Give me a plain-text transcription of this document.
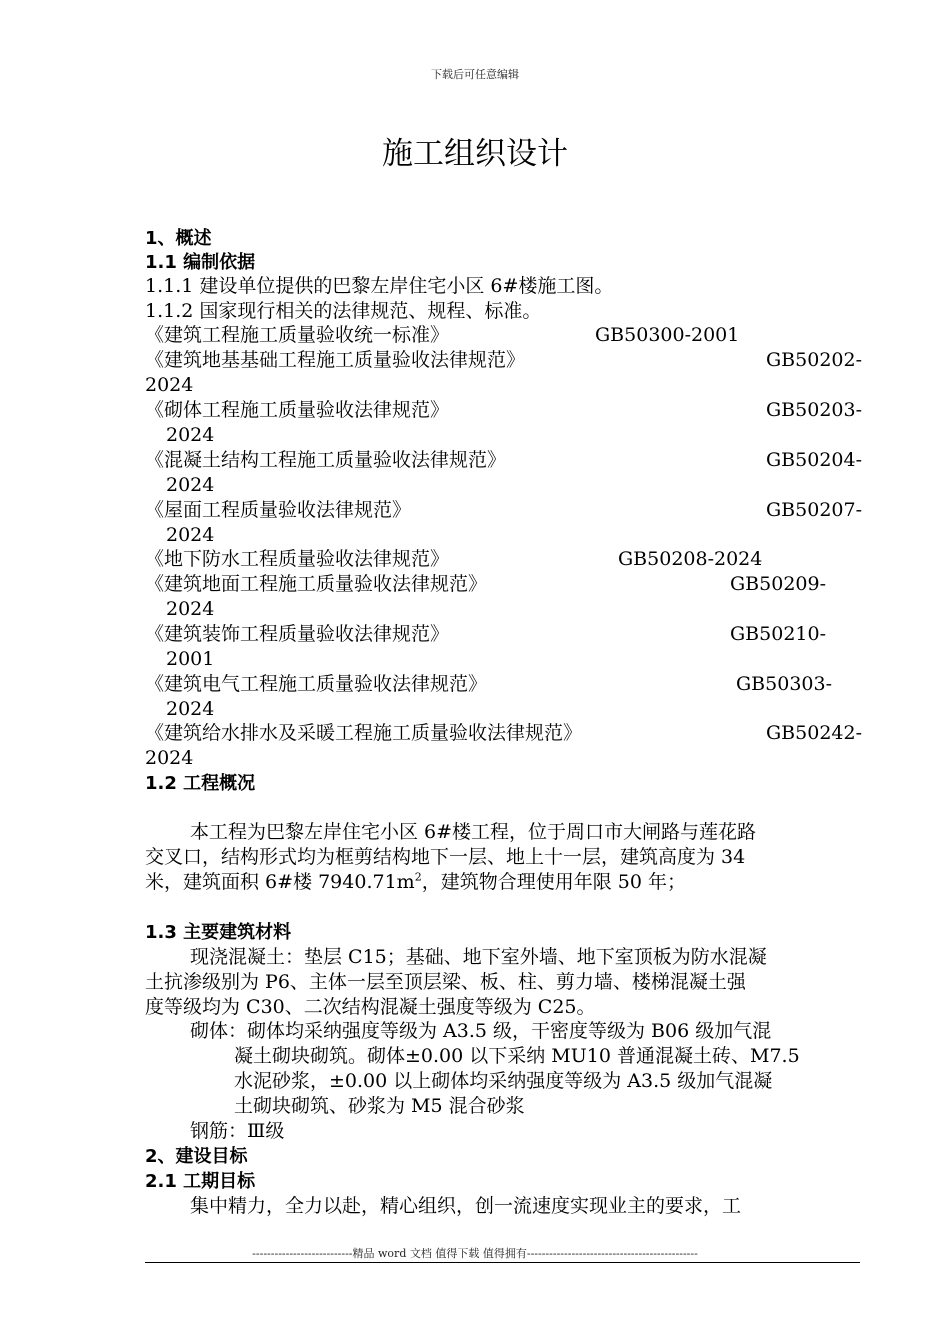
下载后可任意编辑
施工组织设计
1、概述
1.1 编制依据
1.1.1 建设单位提供的巴黎左岸住宅小区 6#楼施工图。
1.1.2 国家现行相关的法律规范、规程、标准。
《建筑工程施工质量验收统一标准》	GB50300-2001
《建筑地基基础工程施工质量验收法律规范》	GB50202-
2024
《砌体工程施工质量验收法律规范》	GB50203-
2024
《混凝土结构工程施工质量验收法律规范》	GB50204-
2024
《屋面工程质量验收法律规范》	GB50207-
2024
《地下防水工程质量验收法律规范》	GB50208-2024
《建筑地面工程施工质量验收法律规范》	GB50209-
2024
《建筑装饰工程质量验收法律规范》	GB50210-
2001
《建筑电气工程施工质量验收法律规范》	GB50303-
2024
《建筑给水排水及采暖工程施工质量验收法律规范》	GB50242-
2024
1.2 工程概况
本工程为巴黎左岸住宅小区 6#楼工程，位于周口市大闸路与莲花路
交叉口，结构形式均为框剪结构地下一层、地上十一层，建筑高度为 34
米，建筑面积 6#楼 $7940.71m^2$，建筑物合理使用年限 50 年；
1.3 主要建筑材料
现浇混凝土：垫层 C15；基础、地下室外墙、地下室顶板为防水混凝
土抗渗级别为 P6、主体一层至顶层梁、板、柱、剪力墙、楼梯混凝土强
度等级均为 C30、二次结构混凝土强度等级为 C25。
砌体：砌体均采纳强度等级为 A3.5 级，干密度等级为 B06 级加气混
凝土砌块砌筑。砌体±0.00 以下采纳 MU10 普通混凝土砖、M7.5
水泥砂浆，±0.00 以上砌体均采纳强度等级为 A3.5 级加气混凝
土砌块砌筑、砂浆为 M5 混合砂浆
钢筋：Ⅲ级
2、建设目标
2.1 工期目标
集中精力，全力以赴，精心组织，创一流速度实现业主的要求，工
---------------------------精品 word 文档 值得下载 值得拥有----------------------------------------------
